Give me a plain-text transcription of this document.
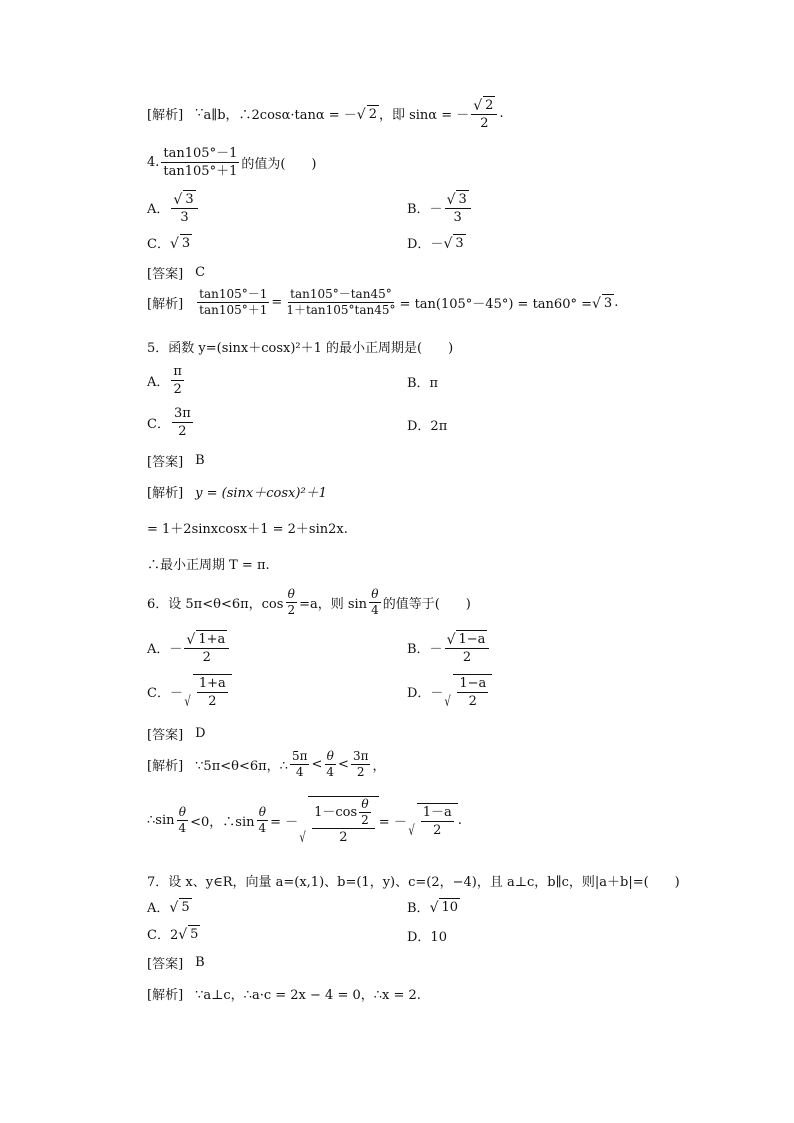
[解析] ∵ a∥b，∴2cosα·tanα = － √ 2 ，即 sinα = － $\frac{√ 2}{2}$ .
4. $\frac{\tan 105^\circ-1}{\tan 105^\circ+1}$ 的值为(　　)
A． $\frac{√ 3}{3}$	B．－ $\frac{√ 3}{3}$
C． √ 3	D．－ √ 3
[答案] C
[解析] $\frac{\tan 105^\circ-1}{\tan 105^\circ+1} = \frac{\tan 105^\circ-\tan 45^\circ}{1+\tan 105^\circ\tan 45^\circ} = \tan(105^\circ-45^\circ) = \tan 60^\circ$ = √ 3 .
5．函数 y=(sinx＋cosx)²＋1 的最小正周期是(　　)
A． $\frac{\pi}{2}$	B．π
C． $\frac{3\pi}{2}$	D．2π
[答案] B
[解析] y = (sinx＋cosx)²＋1
= 1＋2sinxcosx＋1 = 2＋sin2x.
∴最小正周期 T = π.
6．设 5π<θ<6π，$\cos \frac{\theta}{2} =a$，则 $\sin \frac{\theta}{4}$ 的值等于(　　)
A．－ $\frac{√ 1+a}{2}$	B．－ $\frac{√ 1-a}{2}$
C．－
√ $\frac{1+a}{2}$	D．－
√ $\frac{1-a}{2}$
[答案] D
[解析] ∵5π<θ<6π，∴ $\frac{5\pi}{4} < \frac{\theta}{4} < \frac{3\pi}{2}$ ，
∴sin $\frac{\theta}{4} <0$，∴sin $\frac{\theta}{4}$ = －
√ $\frac{1-\cos \frac{\theta}{2}}{2}$ = －
√ $\frac{1-a}{2}$ .
7．设 x、y∈R，向量 a=(x,1)、b=(1，y)、c=(2，−4)，且 a⊥c，b∥c，则|a＋b|=(　　)
A． √ 5	B． √ 10
C．2 √ 5	D．10
[答案] B
[解析] ∵a⊥c，∴a·c = 2x − 4 = 0，∴x = 2.
